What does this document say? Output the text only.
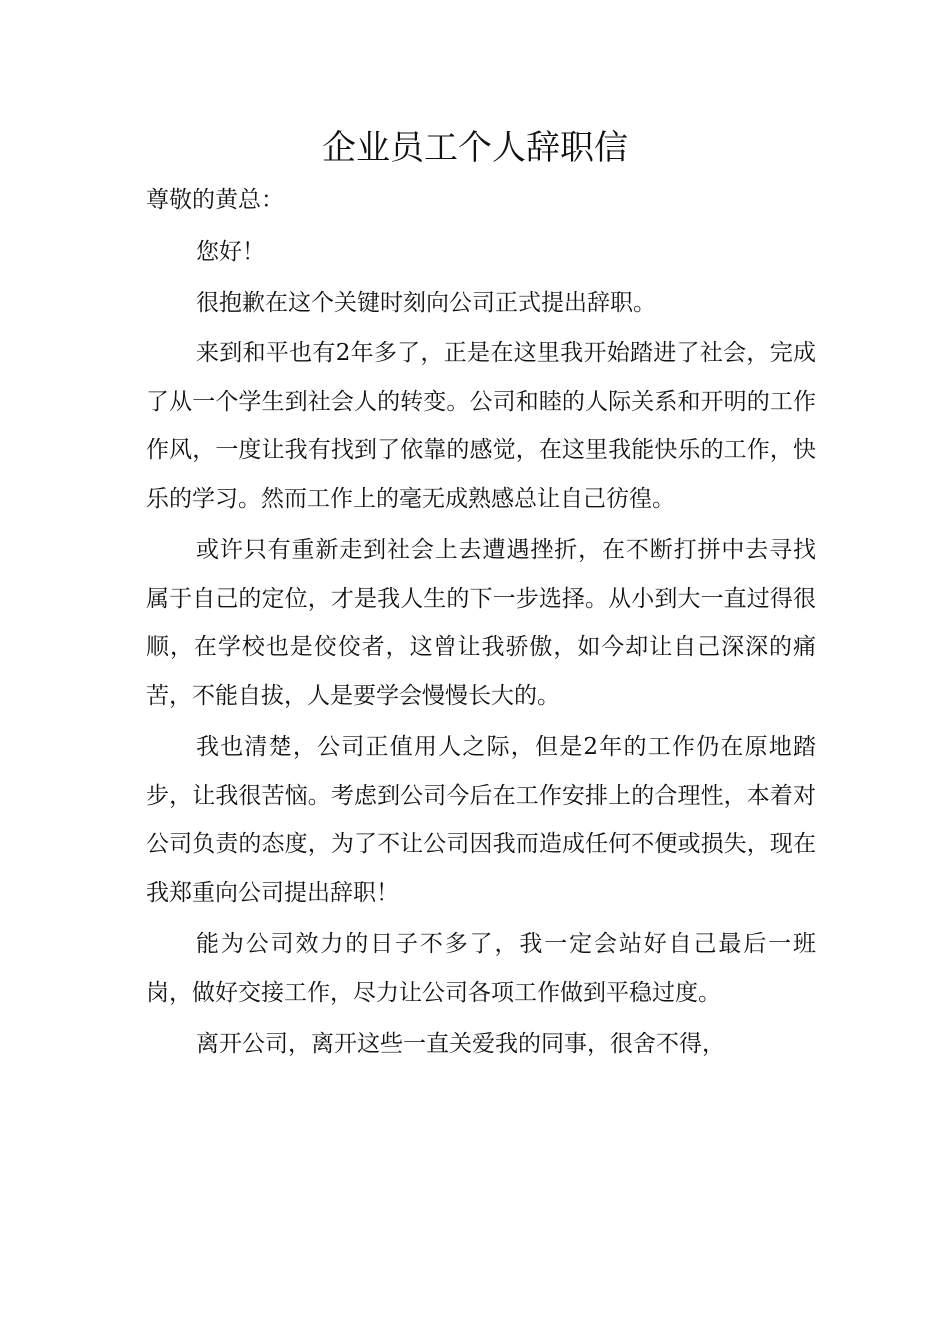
企业员工个人辞职信

尊敬的黄总：

您好！

很抱歉在这个关键时刻向公司正式提出辞职。

来到和平也有2年多了，正是在这里我开始踏进了社会，完成了从一个学生到社会人的转变。公司和睦的人际关系和开明的工作作风，一度让我有找到了依靠的感觉，在这里我能快乐的工作，快乐的学习。然而工作上的毫无成熟感总让自己彷徨。

或许只有重新走到社会上去遭遇挫折，在不断打拼中去寻找属于自己的定位，才是我人生的下一步选择。从小到大一直过得很顺，在学校也是佼佼者，这曾让我骄傲，如今却让自己深深的痛苦，不能自拔，人是要学会慢慢长大的。

我也清楚，公司正值用人之际，但是2年的工作仍在原地踏步，让我很苦恼。考虑到公司今后在工作安排上的合理性，本着对公司负责的态度，为了不让公司因我而造成任何不便或损失，现在我郑重向公司提出辞职！

能为公司效力的日子不多了，我一定会站好自己最后一班岗，做好交接工作，尽力让公司各项工作做到平稳过度。

离开公司，离开这些一直关爱我的同事，很舍不得，
